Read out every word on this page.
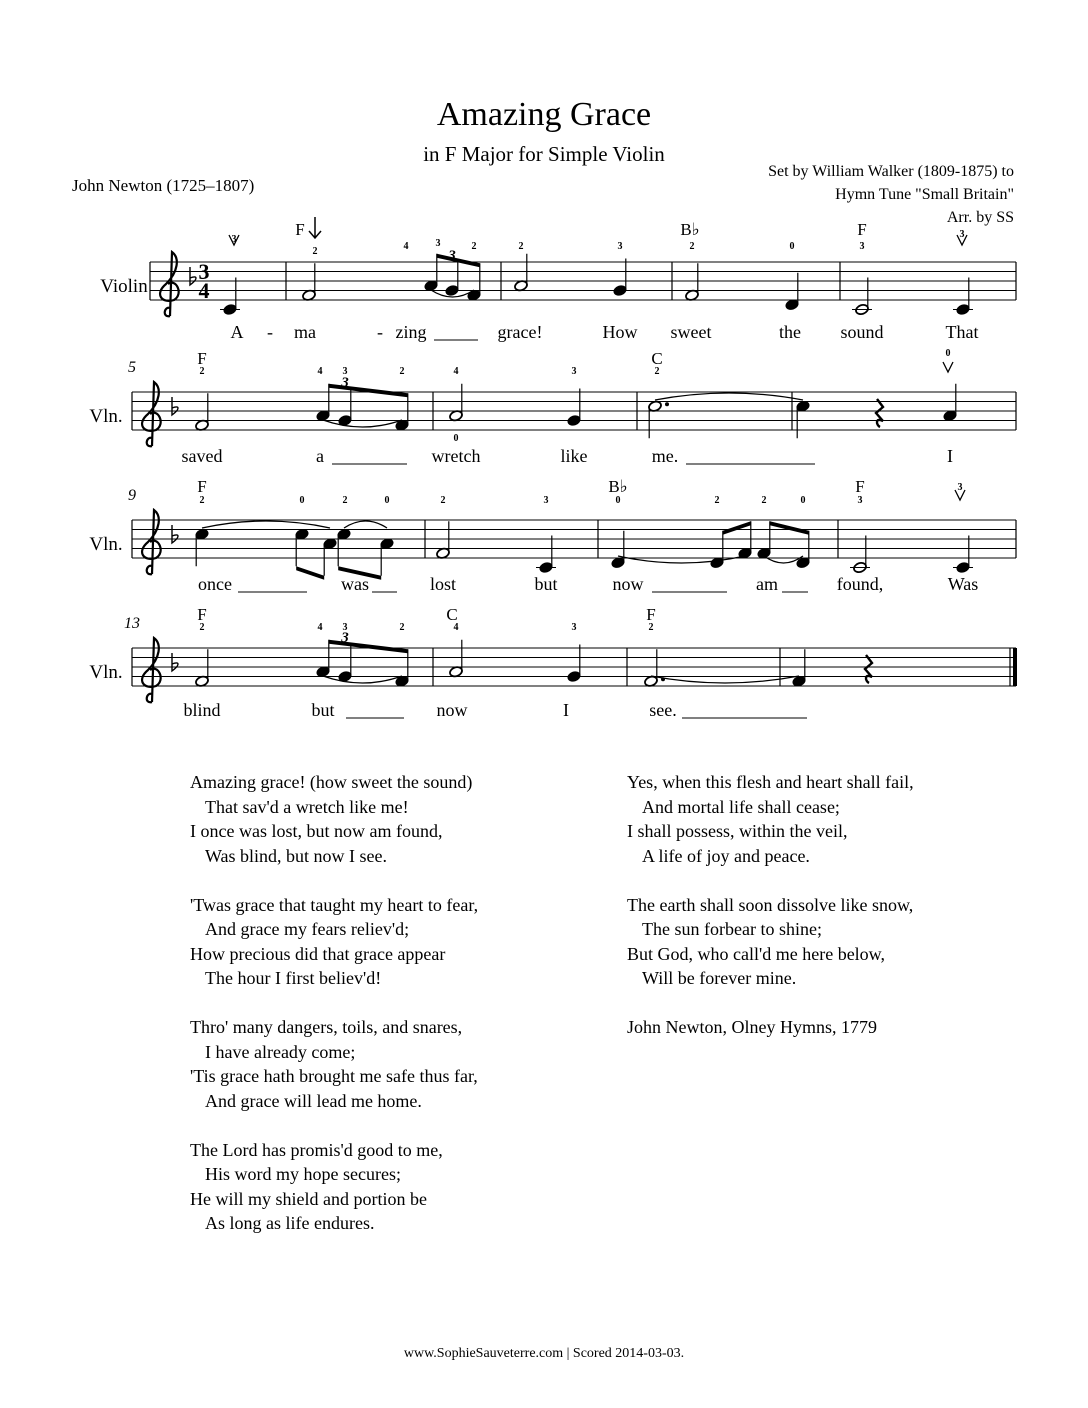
Amazing Grace
in F Major for Simple Violin
John Newton (1725–1807)
Set by William Walker (1809-1875) to
Hymn Tune "Small Britain"
Arr. by SS
Violin
Vln.
5
Vln.
9
Vln.
13
3
4
F	B♭	F
F	C
F	B♭	F
F	C	F
3
2	4	3	2	2	3	2	0	3
3
2	4 3	2	4
0
3	2
0
2	0	2	0	2	3	0	2	2	0	3
3
2	4 3	2	4	3	2
3
3
3
A - ma	- zing	grace!	How sweet	the sound	That
saved	a	wretch	like	me.	I
once	was	lost	but	now	am	found,	Was
blind	but	now	I	see.
Amazing grace! (how sweet the sound)
That sav'd a wretch like me!
I once was lost, but now am found,
Was blind, but now I see.
'Twas grace that taught my heart to fear,
And grace my fears reliev'd;
How precious did that grace appear
The hour I first believ'd!
Thro' many dangers, toils, and snares,
I have already come;
'Tis grace hath brought me safe thus far,
And grace will lead me home.
The Lord has promis'd good to me,
His word my hope secures;
He will my shield and portion be
As long as life endures.
Yes, when this flesh and heart shall fail,
And mortal life shall cease;
I shall possess, within the veil,
A life of joy and peace.
The earth shall soon dissolve like snow,
The sun forbear to shine;
But God, who call'd me here below,
Will be forever mine.
John Newton, Olney Hymns, 1779
www.SophieSauveterre.com | Scored 2014-03-03.
